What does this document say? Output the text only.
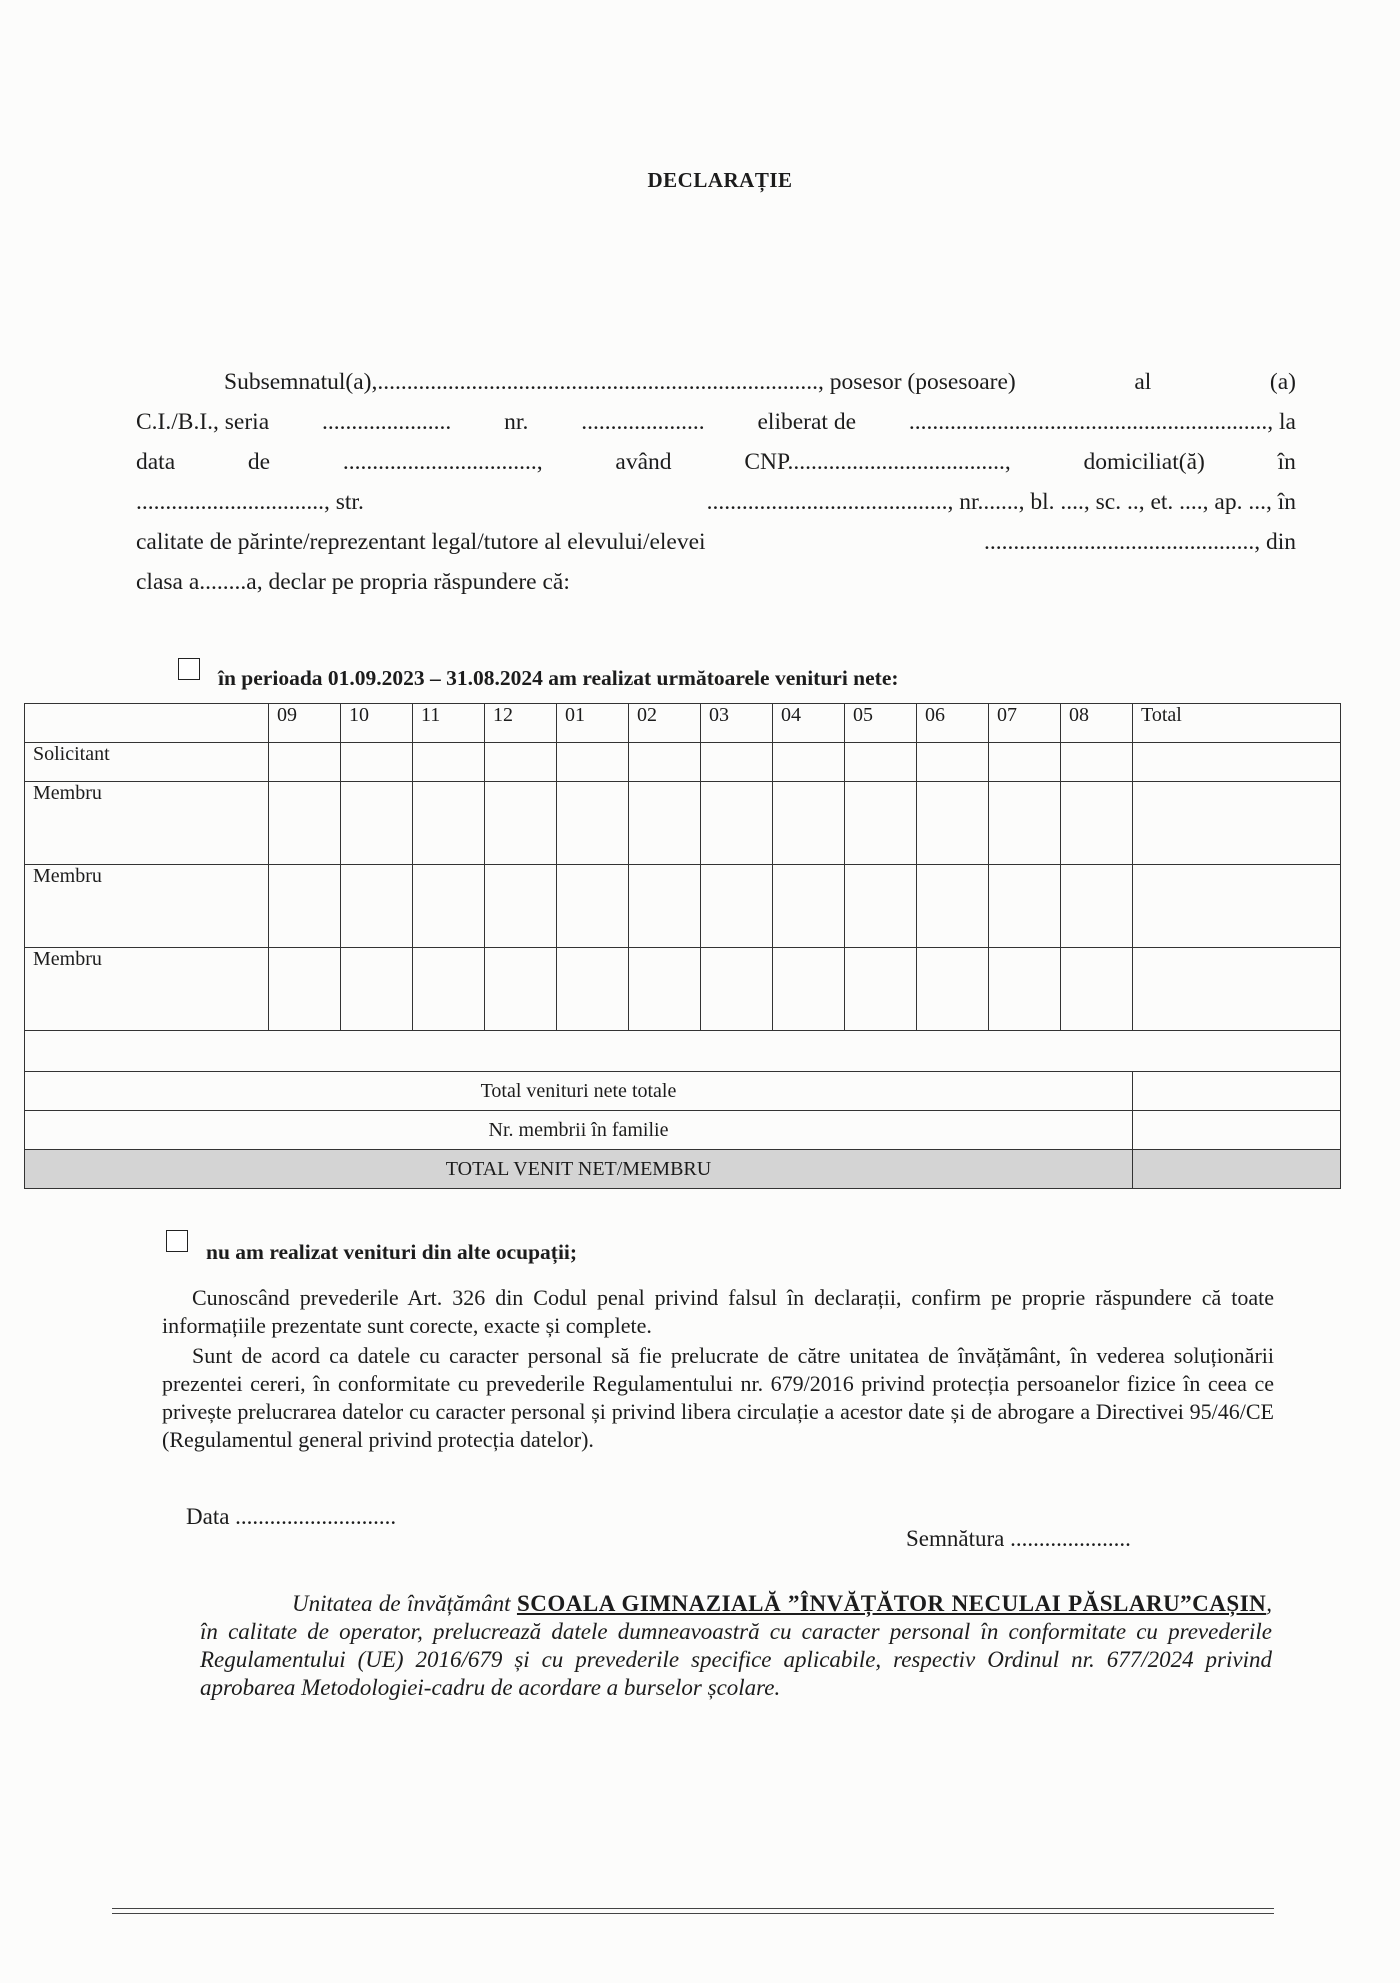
DECLARAȚIE
Subsemnatul(a),..........................................................................., posesor (posesoare)	al	(a)
C.I./B.I., seria ...................... nr. ..................... eliberat de ............................................................., la
data	de	.................................,	având	CNP.....................................,	domiciliat(ă)	în
................................, str.	........................................., nr......., bl. ...., sc. .., et. ...., ap. ..., în
calitate de părinte/reprezentant legal/tutore al elevului/elevei	.............................................., din
clasa a........a, declar pe propria răspundere că:
în perioada 01.09.2023 – 31.08.2024 am realizat următoarele venituri nete:
	09	10	11	12	01	02	03	04	05	06	07	08	Total
Solicitant													
Membru													
Membru													
Membru													

Total venituri nete totale													
Nr. membrii în familie													
TOTAL VENIT NET/MEMBRU													
nu am realizat venituri din alte ocupații;
Cunoscând prevederile Art. 326 din Codul penal privind falsul în declarații, confirm pe proprie răspundere că toate informațiile prezentate sunt corecte, exacte și complete.
Sunt de acord ca datele cu caracter personal să fie prelucrate de către unitatea de învățământ, în vederea soluționării prezentei cereri, în conformitate cu prevederile Regulamentului nr. 679/2016 privind protecția persoanelor fizice în ceea ce privește prelucrarea datelor cu caracter personal și privind libera circulație a acestor date și de abrogare a Directivei 95/46/CE (Regulamentul general privind protecția datelor).
Data ............................
Semnătura .....................
Unitatea de învățământ SCOALA GIMNAZIALĂ ”ÎNVĂȚĂTOR NECULAI PĂSLARU”CAȘIN, în calitate de operator, prelucrează datele dumneavoastră cu caracter personal în conformitate cu prevederile Regulamentului (UE) 2016/679 și cu prevederile specifice aplicabile, respectiv Ordinul nr. 677/2024 privind aprobarea Metodologiei-cadru de acordare a burselor școlare.
